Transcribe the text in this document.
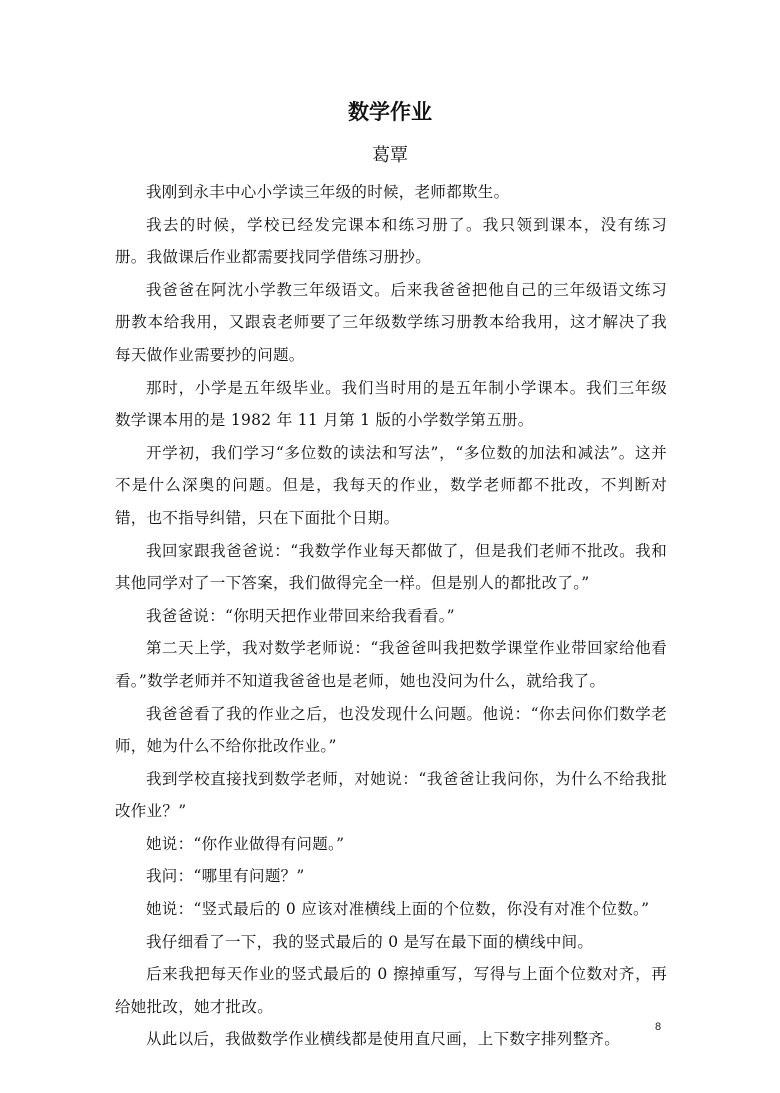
数学作业
葛覃

我刚到永丰中心小学读三年级的时候，老师都欺生。

我去的时候，学校已经发完课本和练习册了。我只领到课本，没有练习册。我做课后作业都需要找同学借练习册抄。

我爸爸在阿沈小学教三年级语文。后来我爸爸把他自己的三年级语文练习册教本给我用，又跟袁老师要了三年级数学练习册教本给我用，这才解决了我每天做作业需要抄的问题。

那时，小学是五年级毕业。我们当时用的是五年制小学课本。我们三年级数学课本用的是 1982 年 11 月第 1 版的小学数学第五册。

开学初，我们学习“多位数的读法和写法”，“多位数的加法和减法”。这并不是什么深奥的问题。但是，我每天的作业，数学老师都不批改，不判断对错，也不指导纠错，只在下面批个日期。

我回家跟我爸爸说：“我数学作业每天都做了，但是我们老师不批改。我和其他同学对了一下答案，我们做得完全一样。但是别人的都批改了。”

我爸爸说：“你明天把作业带回来给我看看。”

第二天上学，我对数学老师说：“我爸爸叫我把数学课堂作业带回家给他看看。”数学老师并不知道我爸爸也是老师，她也没问为什么，就给我了。

我爸爸看了我的作业之后，也没发现什么问题。他说：“你去问你们数学老师，她为什么不给你批改作业。”

我到学校直接找到数学老师，对她说：“我爸爸让我问你，为什么不给我批改作业？”

她说：“你作业做得有问题。”

我问：“哪里有问题？”

她说：“竖式最后的 0 应该对准横线上面的个位数，你没有对准个位数。”

我仔细看了一下，我的竖式最后的 0 是写在最下面的横线中间。

后来我把每天作业的竖式最后的 0 擦掉重写，写得与上面个位数对齐，再给她批改，她才批改。

从此以后，我做数学作业横线都是使用直尺画，上下数字排列整齐。

8
